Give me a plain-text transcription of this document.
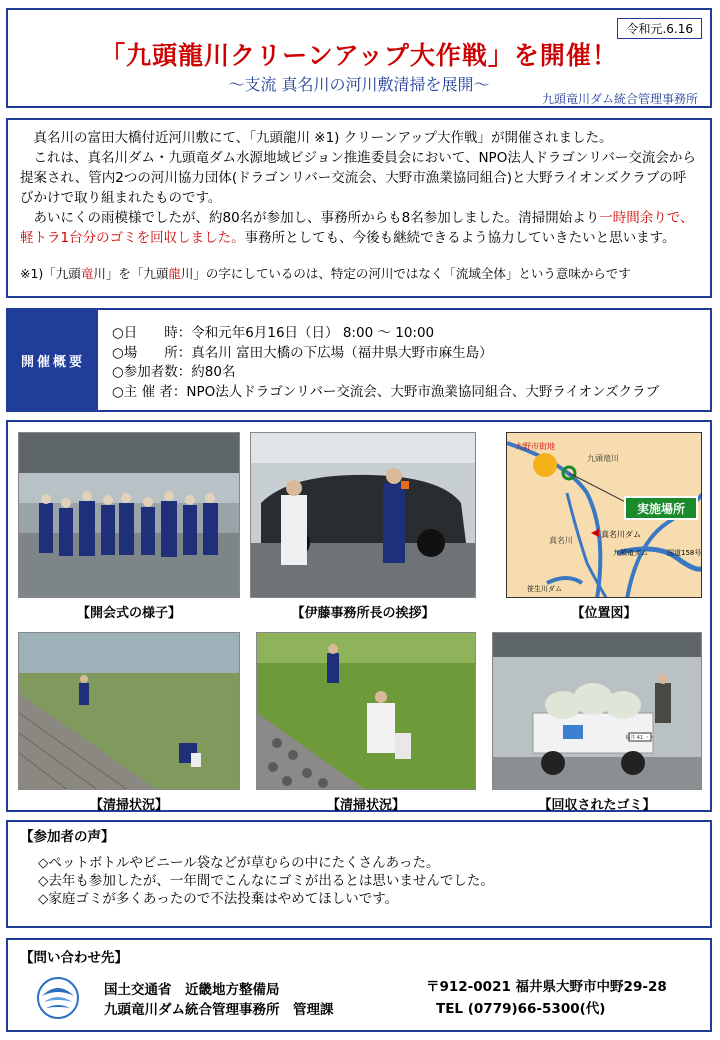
令和元.6.16
「九頭龍川クリーンアップ大作戦」を開催！
～支流 真名川の河川敷清掃を展開～
九頭竜川ダム統合管理事務所

真名川の富田大橋付近河川敷にて、「九頭龍川 ※1) クリーンアップ大作戦」が開催されました。

これは、真名川ダム・九頭竜ダム水源地域ビジョン推進委員会において、NPO法人ドラゴンリバー交流会から提案され、管内2つの河川協力団体(ドラゴンリバー交流会、大野市漁業協同組合)と大野ライオンズクラブの呼びかけで取り組まれたものです。

あいにくの雨模様でしたが、約80名が参加し、事務所からも8名参加しました。清掃開始より一時間余りで、軽トラ1台分のゴミを回収しました。事務所としても、今後も継続できるよう協力していきたいと思います。

※1)「九頭竜川」を「九頭龍川」の字にしているのは、特定の河川ではなく「流域全体」という意味からです
開催概要
○日　　時：令和元年6月16日（日） 8:00 ～ 10:00
○場　　所：真名川 富田大橋の下広場（福井県大野市麻生島）
○参加者数：約80名
○主 催 者：NPO法人ドラゴンリバー交流会、大野市漁業協同組合、大野ライオンズクラブ
実施場所
大野市街地
九頭竜川
真名川
真名川ダム
九頭竜ダム	国道158号
笹生川ダム
【開会式の様子】	【伊藤事務所長の挨拶】	【位置図】
福井 41 ・・
【清掃状況】	【清掃状況】	【回収されたゴミ】
【参加者の声】
◇ペットボトルやビニール袋などが草むらの中にたくさんあった。
◇去年も参加したが、一年間でこんなにゴミが出るとは思いませんでした。
◇家庭ゴミが多くあったので不法投棄はやめてほしいです。
【問い合わせ先】
国土交通省　近畿地方整備局
九頭竜川ダム統合管理事務所　管理課
〒912-0021 福井県大野市中野29-28
TEL (0779)66-5300(代)
